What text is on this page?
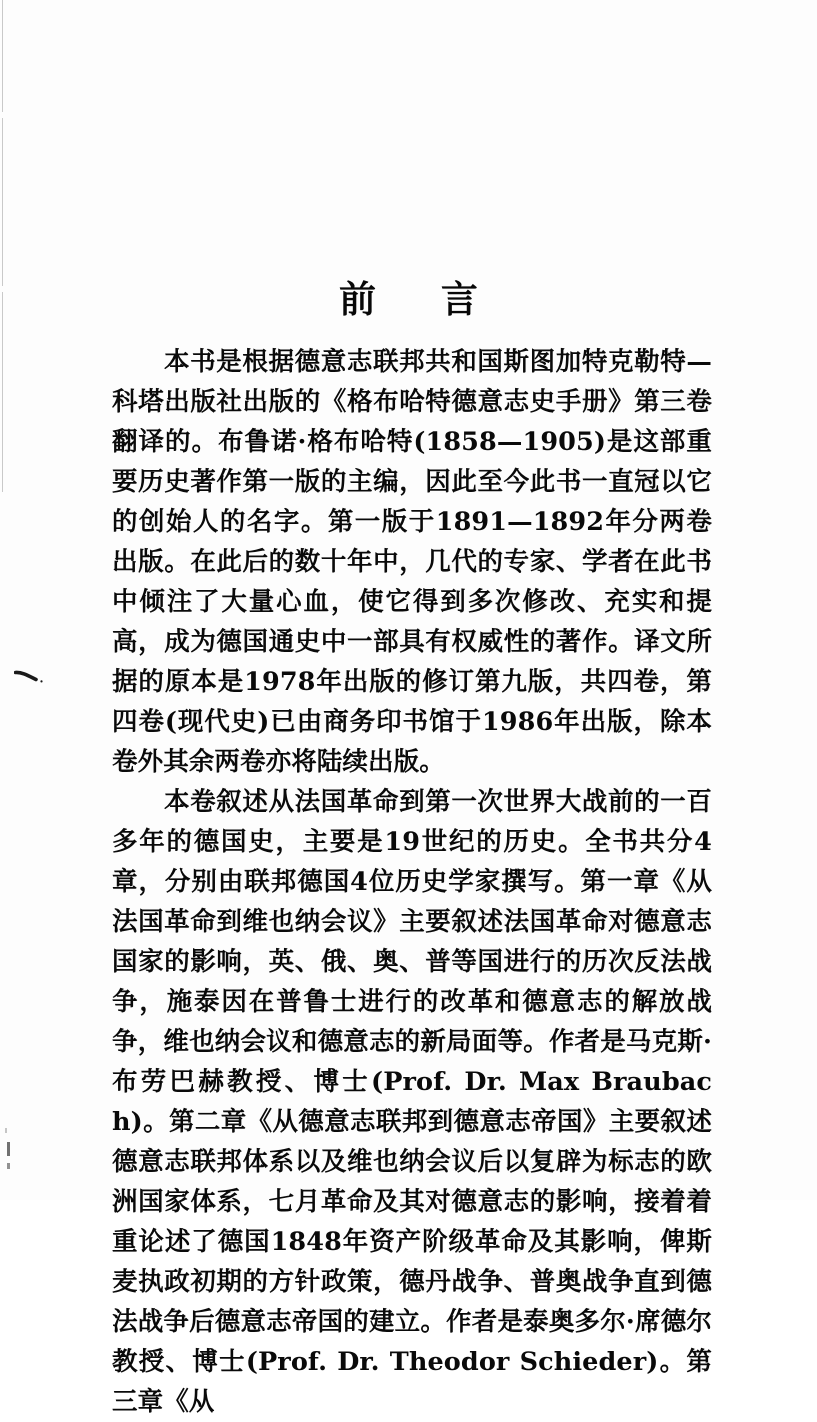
前 言

本书是根据德意志联邦共和国斯图加特克勒特—科塔出版社出版的《格布哈特德意志史手册》第三卷翻译的。布鲁诺·格布哈特(1858—1905)是这部重要历史著作第一版的主编，因此至今此书一直冠以它的创始人的名字。第一版于1891—1892年分两卷出版。在此后的数十年中，几代的专家、学者在此书中倾注了大量心血，使它得到多次修改、充实和提高，成为德国通史中一部具有权威性的著作。译文所据的原本是1978年出版的修订第九版，共四卷，第四卷(现代史)已由商务印书馆于1986年出版，除本卷外其余两卷亦将陆续出版。

本卷叙述从法国革命到第一次世界大战前的一百多年的德国史，主要是19世纪的历史。全书共分4章，分别由联邦德国4位历史学家撰写。第一章《从法国革命到维也纳会议》主要叙述法国革命对德意志国家的影响，英、俄、奥、普等国进行的历次反法战争，施泰因在普鲁士进行的改革和德意志的解放战争，维也纳会议和德意志的新局面等。作者是马克斯·布劳巴赫教授、博士(Prof. Dr. Max Braubach)。第二章《从德意志联邦到德意志帝国》主要叙述德意志联邦体系以及维也纳会议后以复辟为标志的欧洲国家体系，七月革命及其对德意志的影响，接着着重论述了德国1848年资产阶级革命及其影响，俾斯麦执政初期的方针政策，德丹战争、普奥战争直到德法战争后德意志帝国的建立。作者是泰奥多尔·席德尔教授、博士(Prof. Dr. Theodor Schieder)。第三章《从
